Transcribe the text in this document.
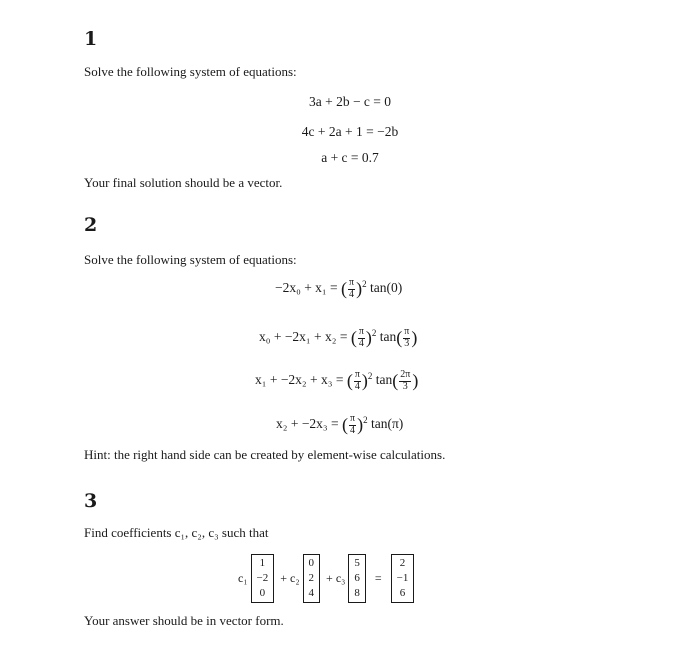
1
Solve the following system of equations:
3a + 2b − c = 0
4c + 2a + 1 = −2b
a + c = 0.7
Your final solution should be a vector.
2
Solve the following system of equations:
−2x₀ + x₁ = ( $\frac{\pi}{4} )^2$ tan(0)
x₀ + −2x₁ + x₂ = ( $\frac{\pi}{4} )^2$ $\tan( \frac{\pi}{3}$ )
x₁ + −2x₂ + x₃ = ( $\frac{\pi}{4} )^2$ $\tan( \frac{2\pi}{3}$ )
x₂ + −2x₃ = ( $\frac{\pi}{4} )^2$ tan(π)
Hint: the right hand side can be created by element-wise calculations.
3
Find coefficients c₁, c₂, c₃ such that
c₁
1
−2
0
+ c₂
0
2
4
+ c₃
5
6
8
=
2
−1
6
Your answer should be in vector form.
